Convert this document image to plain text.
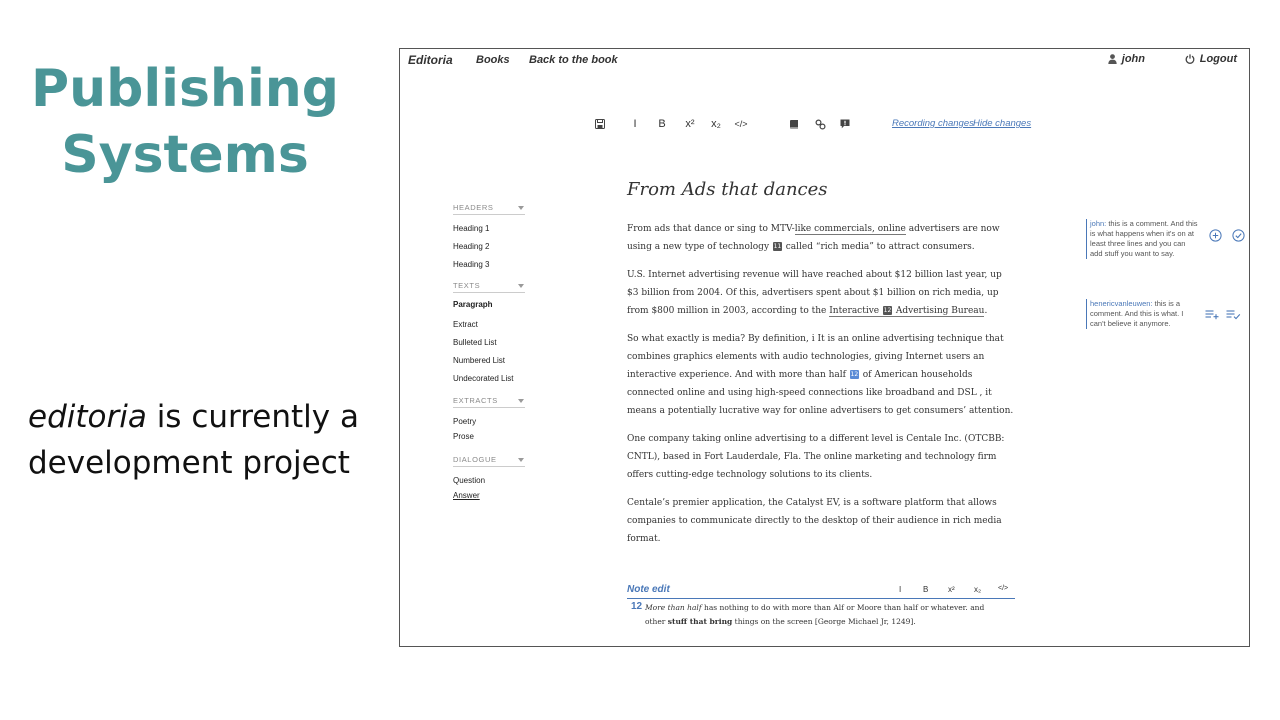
Publishing
Systems
editoria is currently a development project
Editoria Books Back to the book	john	Logout
I	B	x²	x₂	</>	Recording changes Hide changes
HEADERS
Heading 1
Heading 2
Heading 3
TEXTS
Paragraph
Extract
Bulleted List
Numbered List
Undecorated List
EXTRACTS
Poetry
Prose
DIALOGUE
Question
Answer
From Ads that dances

From ads that dance or sing to MTV-like commercials, online advertisers are now using a new type of technology 11 called “rich media” to attract consumers.

U.S. Internet advertising revenue will have reached about $12 billion last year, up $3 billion from 2004. Of this, advertisers spent about $1 billion on rich media, up from $800 million in 2003, according to the Interactive 12 Advertising Bureau.

So what exactly is media? By definition, i It is an online advertising technique that combines graphics elements with audio technologies, giving Internet users an interactive experience. And with more than half 12 of American households connected online and using high-speed connections like broadband and DSL , it means a potentially lucrative way for online advertisers to get consumers’ attention.

One company taking online advertising to a different level is Centale Inc. (OTCBB: CNTL), based in Fort Lauderdale, Fla. The online marketing and technology firm offers cutting-edge technology solutions to its clients.

Centale’s premier application, the Catalyst EV, is a software platform that allows companies to communicate directly to the desktop of their audience in rich media format.

john: this is a comment. And this is what happens when it's on at least three lines and you can add stuff you want to say.
henericvanleuwen: this is a comment. And this is what. I can't believe it anymore.
Note edit	I	B x² x₂ </>
12 More than half has nothing to do with more than Alf or Moore than half or whatever. and other stuff that bring things on the screen [George Michael Jr, 1249].
